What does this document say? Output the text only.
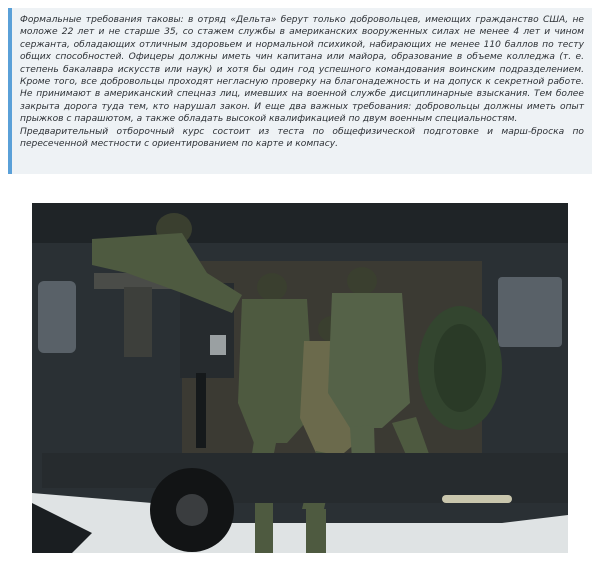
Формальные требования таковы: в отряд «Дельта» берут только добровольцев, имеющих гражданство США, не моложе 22 лет и не старше 35, со стажем службы в американских вооруженных силах не менее 4 лет и чином сержанта, обладающих отличным здоровьем и нормальной психикой, набирающих не менее 110 баллов по тесту общих способностей. Офицеры должны иметь чин капитана или майора, образование в объеме колледжа (т. е. степень бакалавра искусств или наук) и хотя бы один год успешного командования воинским подразделением. Кроме того, все добровольцы проходят негласную проверку на благонадежность и на допуск к секретной работе. Не принимают в американский спецназ лиц, имевших на военной службе дисциплинарные взыскания. Тем более закрыта дорога туда тем, кто нарушал закон. И еще два важных требования: добровольцы должны иметь опыт прыжков с парашютом, а также обладать высокой квалификацией по двум военным специальностям.

Предварительный отборочный курс состоит из теста по общефизической подготовке и марш-броска по пересеченной местности с ориентированием по карте и компасу.
